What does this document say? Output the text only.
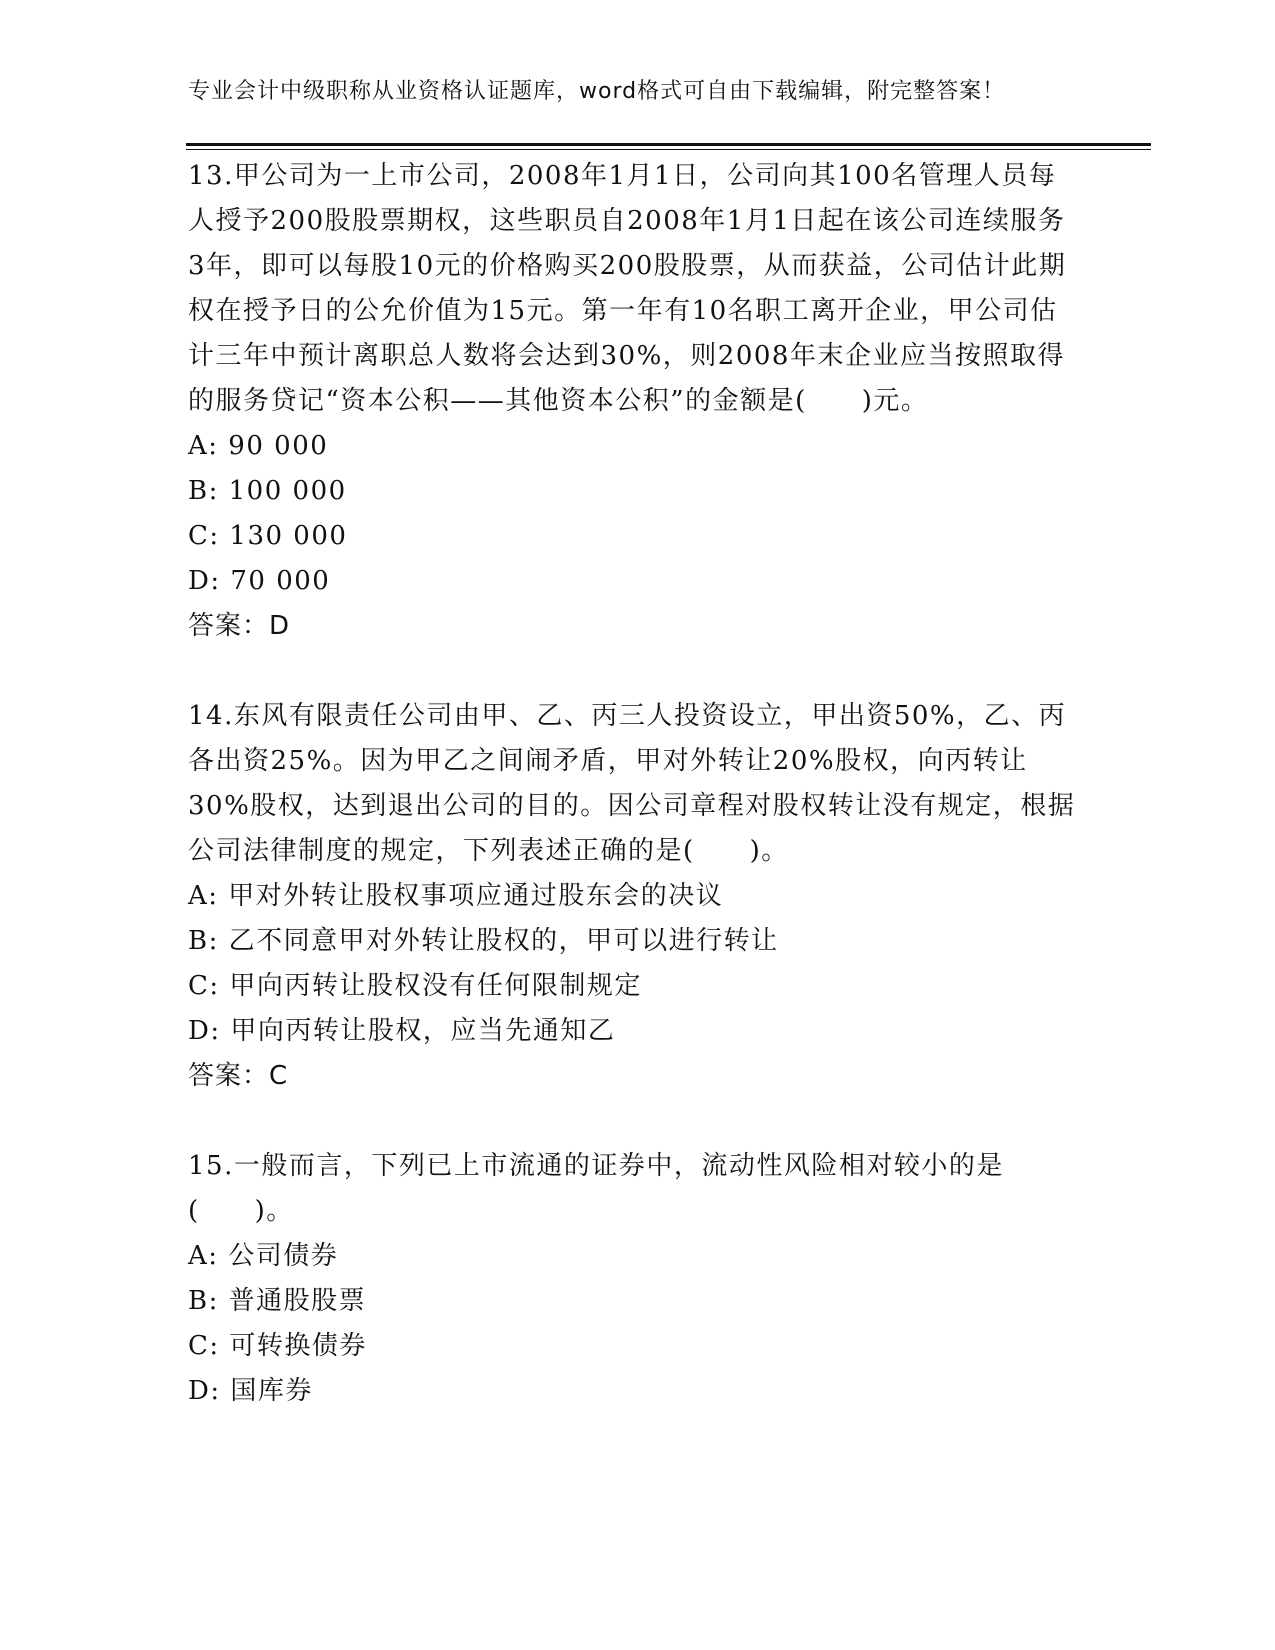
专业会计中级职称从业资格认证题库，word格式可自由下载编辑，附完整答案！

13.甲公司为一上市公司，2008年1月1日，公司向其100名管理人员每人授予200股股票期权，这些职员自2008年1月1日起在该公司连续服务3年，即可以每股10元的价格购买200股股票，从而获益，公司估计此期权在授予日的公允价值为15元。第一年有10名职工离开企业，甲公司估计三年中预计离职总人数将会达到30%，则2008年末企业应当按照取得的服务贷记“资本公积——其他资本公积”的金额是(　　)元。

A: 90 000

B: 100 000

C: 130 000

D: 70 000

答案：D

14.东风有限责任公司由甲、乙、丙三人投资设立，甲出资50%，乙、丙各出资25%。因为甲乙之间闹矛盾，甲对外转让20%股权，向丙转让30%股权，达到退出公司的目的。因公司章程对股权转让没有规定，根据公司法律制度的规定，下列表述正确的是(　　)。

A: 甲对外转让股权事项应通过股东会的决议

B: 乙不同意甲对外转让股权的，甲可以进行转让

C: 甲向丙转让股权没有任何限制规定

D: 甲向丙转让股权，应当先通知乙

答案：C

15.一般而言，下列已上市流通的证券中，流动性风险相对较小的是(　　)。

A: 公司债券

B: 普通股股票

C: 可转换债券

D: 国库券
